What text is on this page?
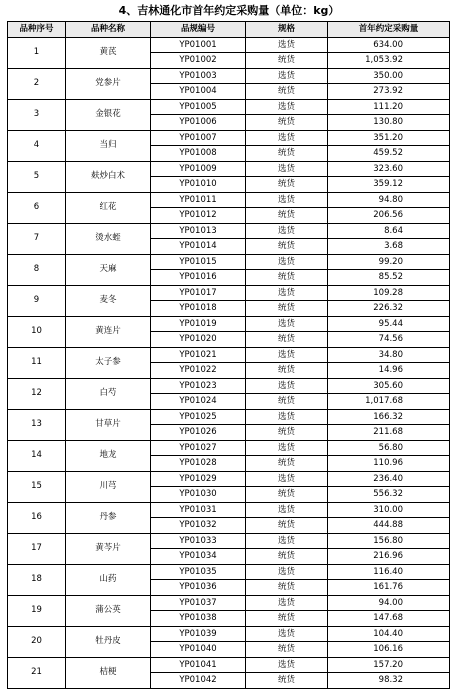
4、吉林通化市首年约定采购量（单位：kg）
品种序号	品种名称	品规编号	规格	首年约定采购量
1	黄芪	YP01001	选货	634.00
		YP01002	统货	1,053.92
2	党参片	YP01003	选货	350.00
		YP01004	统货	273.92
3	金银花	YP01005	选货	111.20
		YP01006	统货	130.80
4	当归	YP01007	选货	351.20
		YP01008	统货	459.52
5	麸炒白术	YP01009	选货	323.60
		YP01010	统货	359.12
6	红花	YP01011	选货	94.80
		YP01012	统货	206.56
7	烫水蛭	YP01013	选货	8.64
		YP01014	统货	3.68
8	天麻	YP01015	选货	99.20
		YP01016	统货	85.52
9	麦冬	YP01017	选货	109.28
		YP01018	统货	226.32
10	黄连片	YP01019	选货	95.44
		YP01020	统货	74.56
11	太子参	YP01021	选货	34.80
		YP01022	统货	14.96
12	白芍	YP01023	选货	305.60
		YP01024	统货	1,017.68
13	甘草片	YP01025	选货	166.32
		YP01026	统货	211.68
14	地龙	YP01027	选货	56.80
		YP01028	统货	110.96
15	川芎	YP01029	选货	236.40
		YP01030	统货	556.32
16	丹参	YP01031	选货	310.00
		YP01032	统货	444.88
17	黄芩片	YP01033	选货	156.80
		YP01034	统货	216.96
18	山药	YP01035	选货	116.40
		YP01036	统货	161.76
19	蒲公英	YP01037	选货	94.00
		YP01038	统货	147.68
20	牡丹皮	YP01039	选货	104.40
		YP01040	统货	106.16
21	桔梗	YP01041	选货	157.20
		YP01042	统货	98.32
